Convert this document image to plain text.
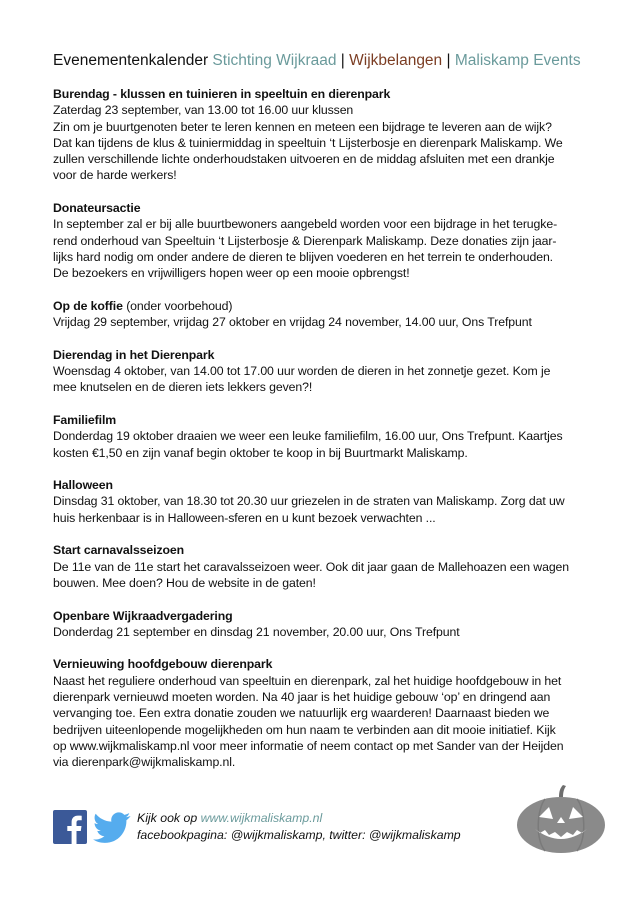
Evenementenkalender Stichting Wijkraad | Wijkbelangen | Maliskamp Events
Burendag - klussen en tuinieren in speeltuin en dierenpark

Zaterdag 23 september, van 13.00 tot 16.00 uur klussen

Zin om je buurtgenoten beter te leren kennen en meteen een bijdrage te leveren aan de wijk?

Dat kan tijdens de klus & tuiniermiddag in speeltuin ‘t Lijsterbosje en dierenpark Maliskamp. We

zullen verschillende lichte onderhoudstaken uitvoeren en de middag afsluiten met een drankje

voor de harde werkers!

Donateursactie

In september zal er bij alle buurtbewoners aangebeld worden voor een bijdrage in het terugke-

rend onderhoud van Speeltuin ‘t Lijsterbosje & Dierenpark Maliskamp. Deze donaties zijn jaar-

lijks hard nodig om onder andere de dieren te blijven voederen en het terrein te onderhouden.

De bezoekers en vrijwilligers hopen weer op een mooie opbrengst!

Op de koffie (onder voorbehoud)

Vrijdag 29 september, vrijdag 27 oktober en vrijdag 24 november, 14.00 uur, Ons Trefpunt

Dierendag in het Dierenpark

Woensdag 4 oktober, van 14.00 tot 17.00 uur worden de dieren in het zonnetje gezet. Kom je

mee knutselen en de dieren iets lekkers geven?!

Familiefilm

Donderdag 19 oktober draaien we weer een leuke familiefilm, 16.00 uur, Ons Trefpunt. Kaartjes

kosten €1,50 en zijn vanaf begin oktober te koop in bij Buurtmarkt Maliskamp.

Halloween

Dinsdag 31 oktober, van 18.30 tot 20.30 uur griezelen in de straten van Maliskamp. Zorg dat uw

huis herkenbaar is in Halloween-sferen en u kunt bezoek verwachten ...

Start carnavalsseizoen

De 11e van de 11e start het caravalsseizoen weer. Ook dit jaar gaan de Mallehoazen een wagen

bouwen. Mee doen? Hou de website in de gaten!

Openbare Wijkraadvergadering

Donderdag 21 september en dinsdag 21 november, 20.00 uur, Ons Trefpunt

Vernieuwing hoofdgebouw dierenpark

Naast het reguliere onderhoud van speeltuin en dierenpark, zal het huidige hoofdgebouw in het

dierenpark vernieuwd moeten worden. Na 40 jaar is het huidige gebouw ‘op’ en dringend aan

vervanging toe. Een extra donatie zouden we natuurlijk erg waarderen! Daarnaast bieden we

bedrijven uiteenlopende mogelijkheden om hun naam te verbinden aan dit mooie initiatief. Kijk

op www.wijkmaliskamp.nl voor meer informatie of neem contact op met Sander van der Heijden

via dierenpark@wijkmaliskamp.nl.

Kijk ook op www.wijkmaliskamp.nl
facebookpagina: @wijkmaliskamp, twitter: @wijkmaliskamp
